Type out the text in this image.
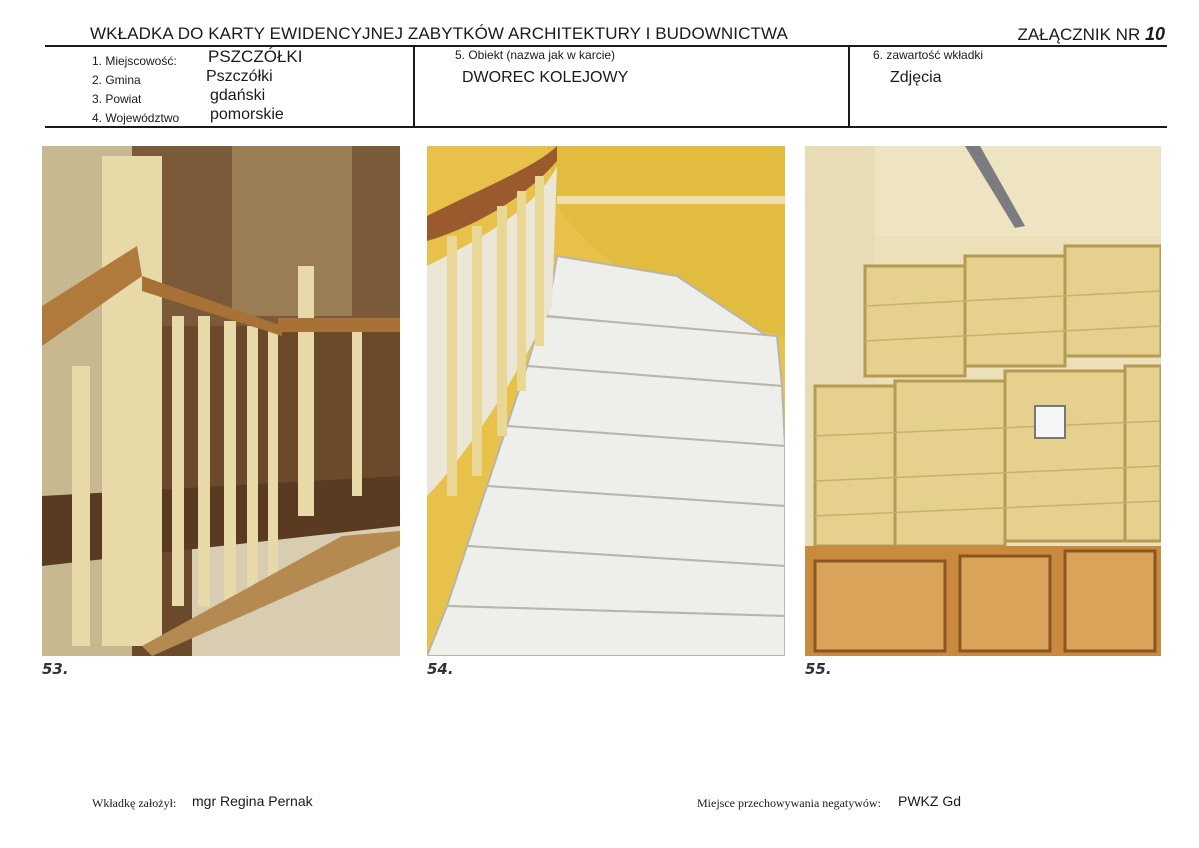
WKŁADKA DO KARTY EWIDENCYJNEJ ZABYTKÓW ARCHITEKTURY I BUDOWNICTWA	ZAŁĄCZNIK NR 10
1. Miejscowość: PSZCZÓŁKI
2. Gmina	Pszczółki
3. Powiat	gdański
4. Województwo pomorskie
5. Obiekt (nazwa jak w karcie)
DWOREC KOLEJOWY
6. zawartość wkładki
Zdjęcia
53.	54.	55.
Wkładkę założył: mgr Regina Pernak	Miejsce przechowywania negatywów: PWKZ Gd
